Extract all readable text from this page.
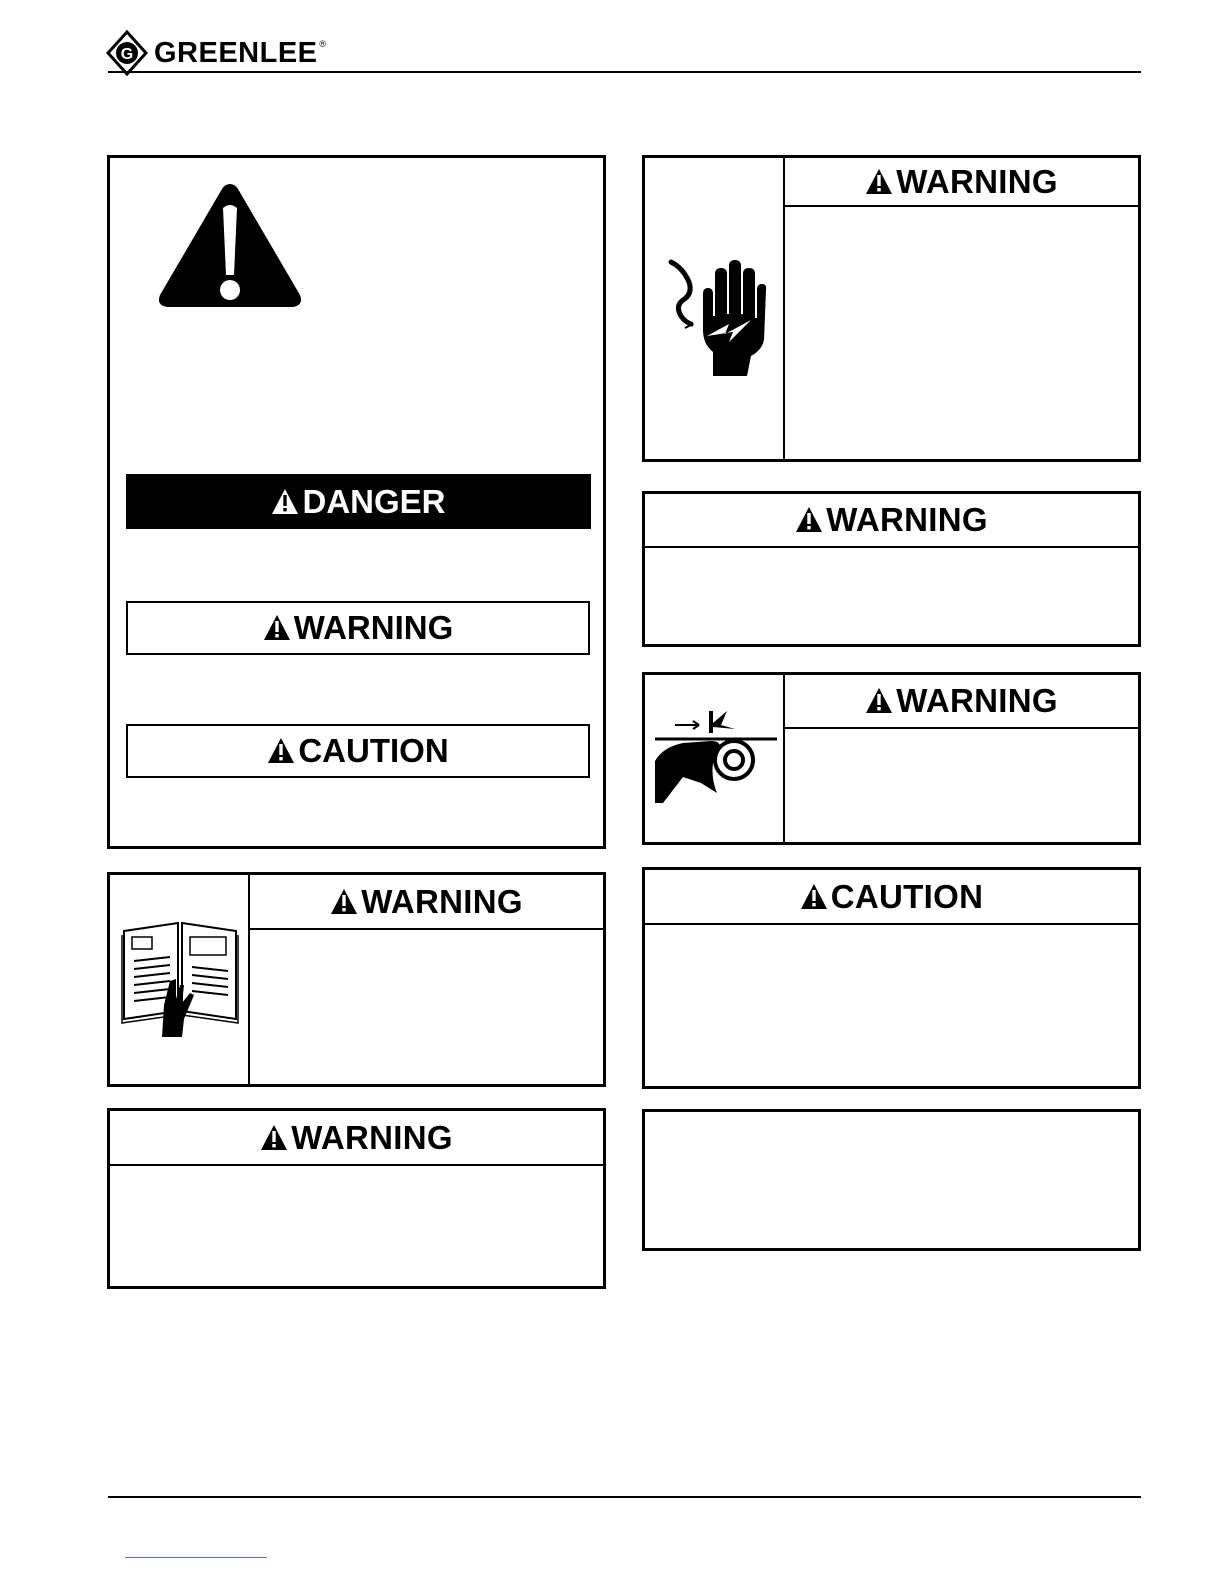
G GREENLEE ®
DANGER
WARNING
CAUTION
WARNING
WARNING
WARNING
WARNING
WARNING
CAUTION
